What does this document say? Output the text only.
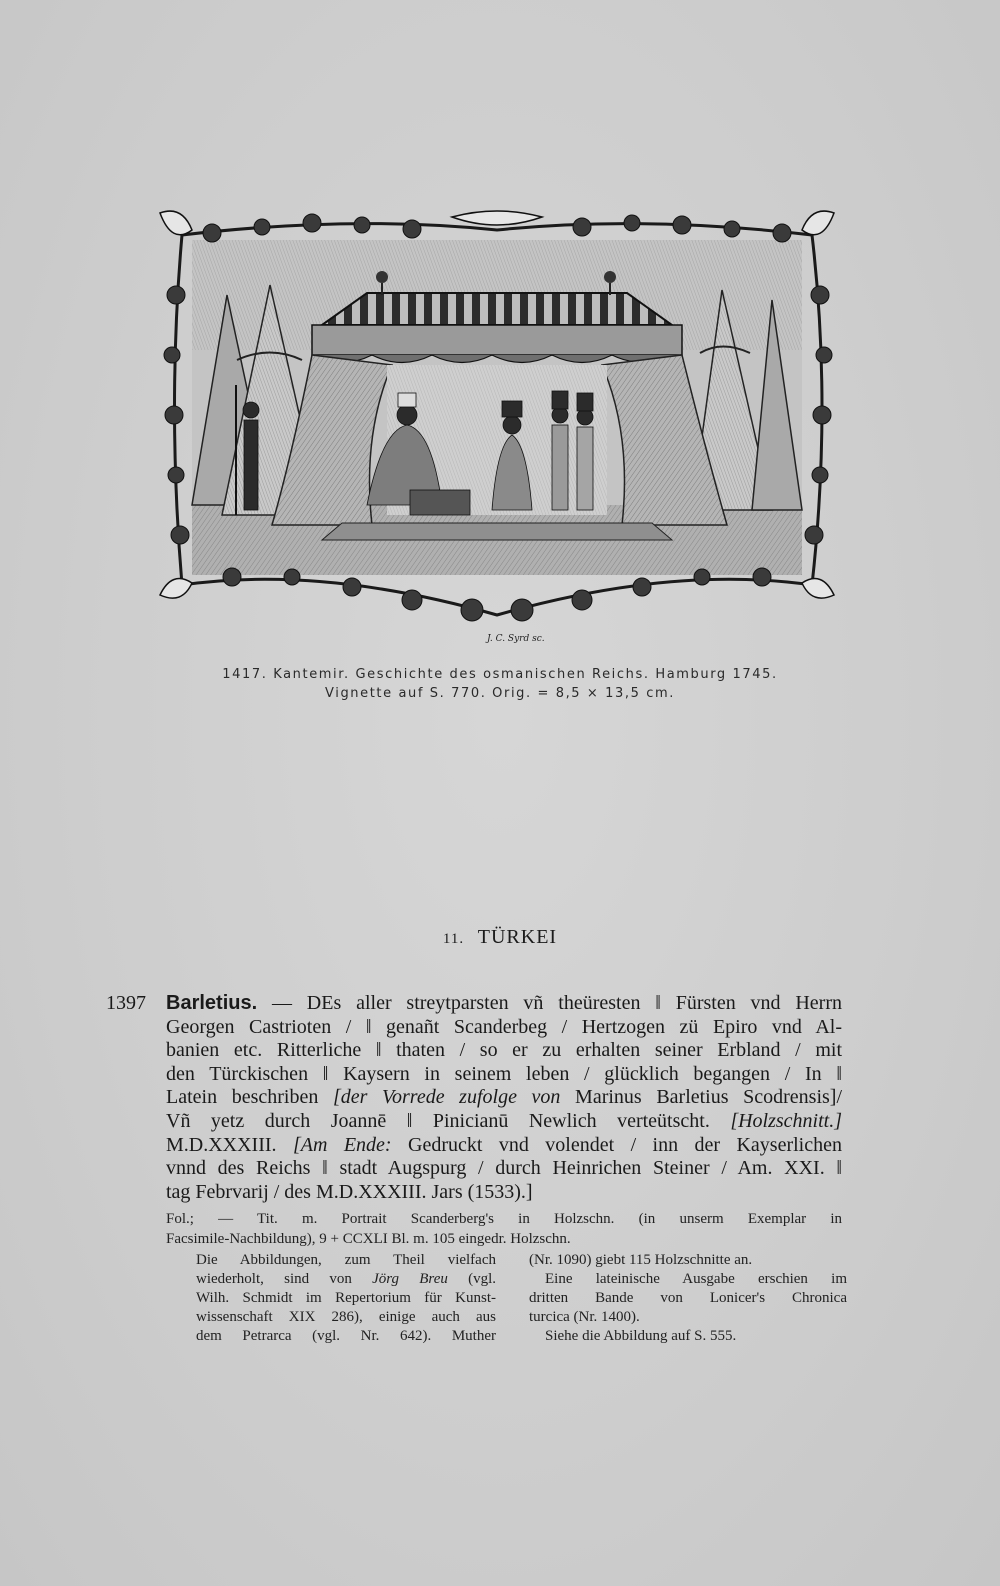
J. C. Syrd sc.
1417. Kantemir. Geschichte des osmanischen Reichs. Hamburg 1745.
Vignette auf S. 770. Orig. = 8,5 × 13,5 cm.
11. TÜRKEI
1397 Barletius. — DEs aller streytparsten vñ theüresten ‖ Fürsten vnd Herrn
Georgen Castrioten / ‖ genañt Scanderbeg / Hertzogen zü Epiro vnd Al-
banien etc. Ritterliche ‖ thaten / so er zu erhalten seiner Erbland / mit
den Türckischen ‖ Kaysern in seinem leben / glücklich begangen / In ‖
Latein beschriben [der Vorrede zufolge von Marinus Barletius Scodrensis]/
Vñ yetz durch Joannē ‖ Pinicianū Newlich verteütscht. [Holzschnitt.]
M.D.XXXIII. [Am Ende: Gedruckt vnd volendet / inn der Kayserlichen
vnnd des Reichs ‖ stadt Augspurg / durch Heinrichen Steiner / Am. XXI. ‖
tag Febrvarij / des M.D.XXXIII. Jars (1533).]
Fol.; — Tit. m. Portrait Scanderberg's in Holzschn. (in unserm Exemplar in
Facsimile-Nachbildung), 9 + CCXLI Bl. m. 105 eingedr. Holzschn.
Die Abbildungen, zum Theil vielfach
wiederholt, sind von Jörg Breu (vgl.
Wilh. Schmidt im Repertorium für Kunst-
wissenschaft XIX 286), einige auch aus
dem Petrarca (vgl. Nr. 642). Muther
(Nr. 1090) giebt 115 Holzschnitte an.
Eine lateinische Ausgabe erschien im
dritten Bande von Lonicer's Chronica
turcica (Nr. 1400).
Siehe die Abbildung auf S. 555.
